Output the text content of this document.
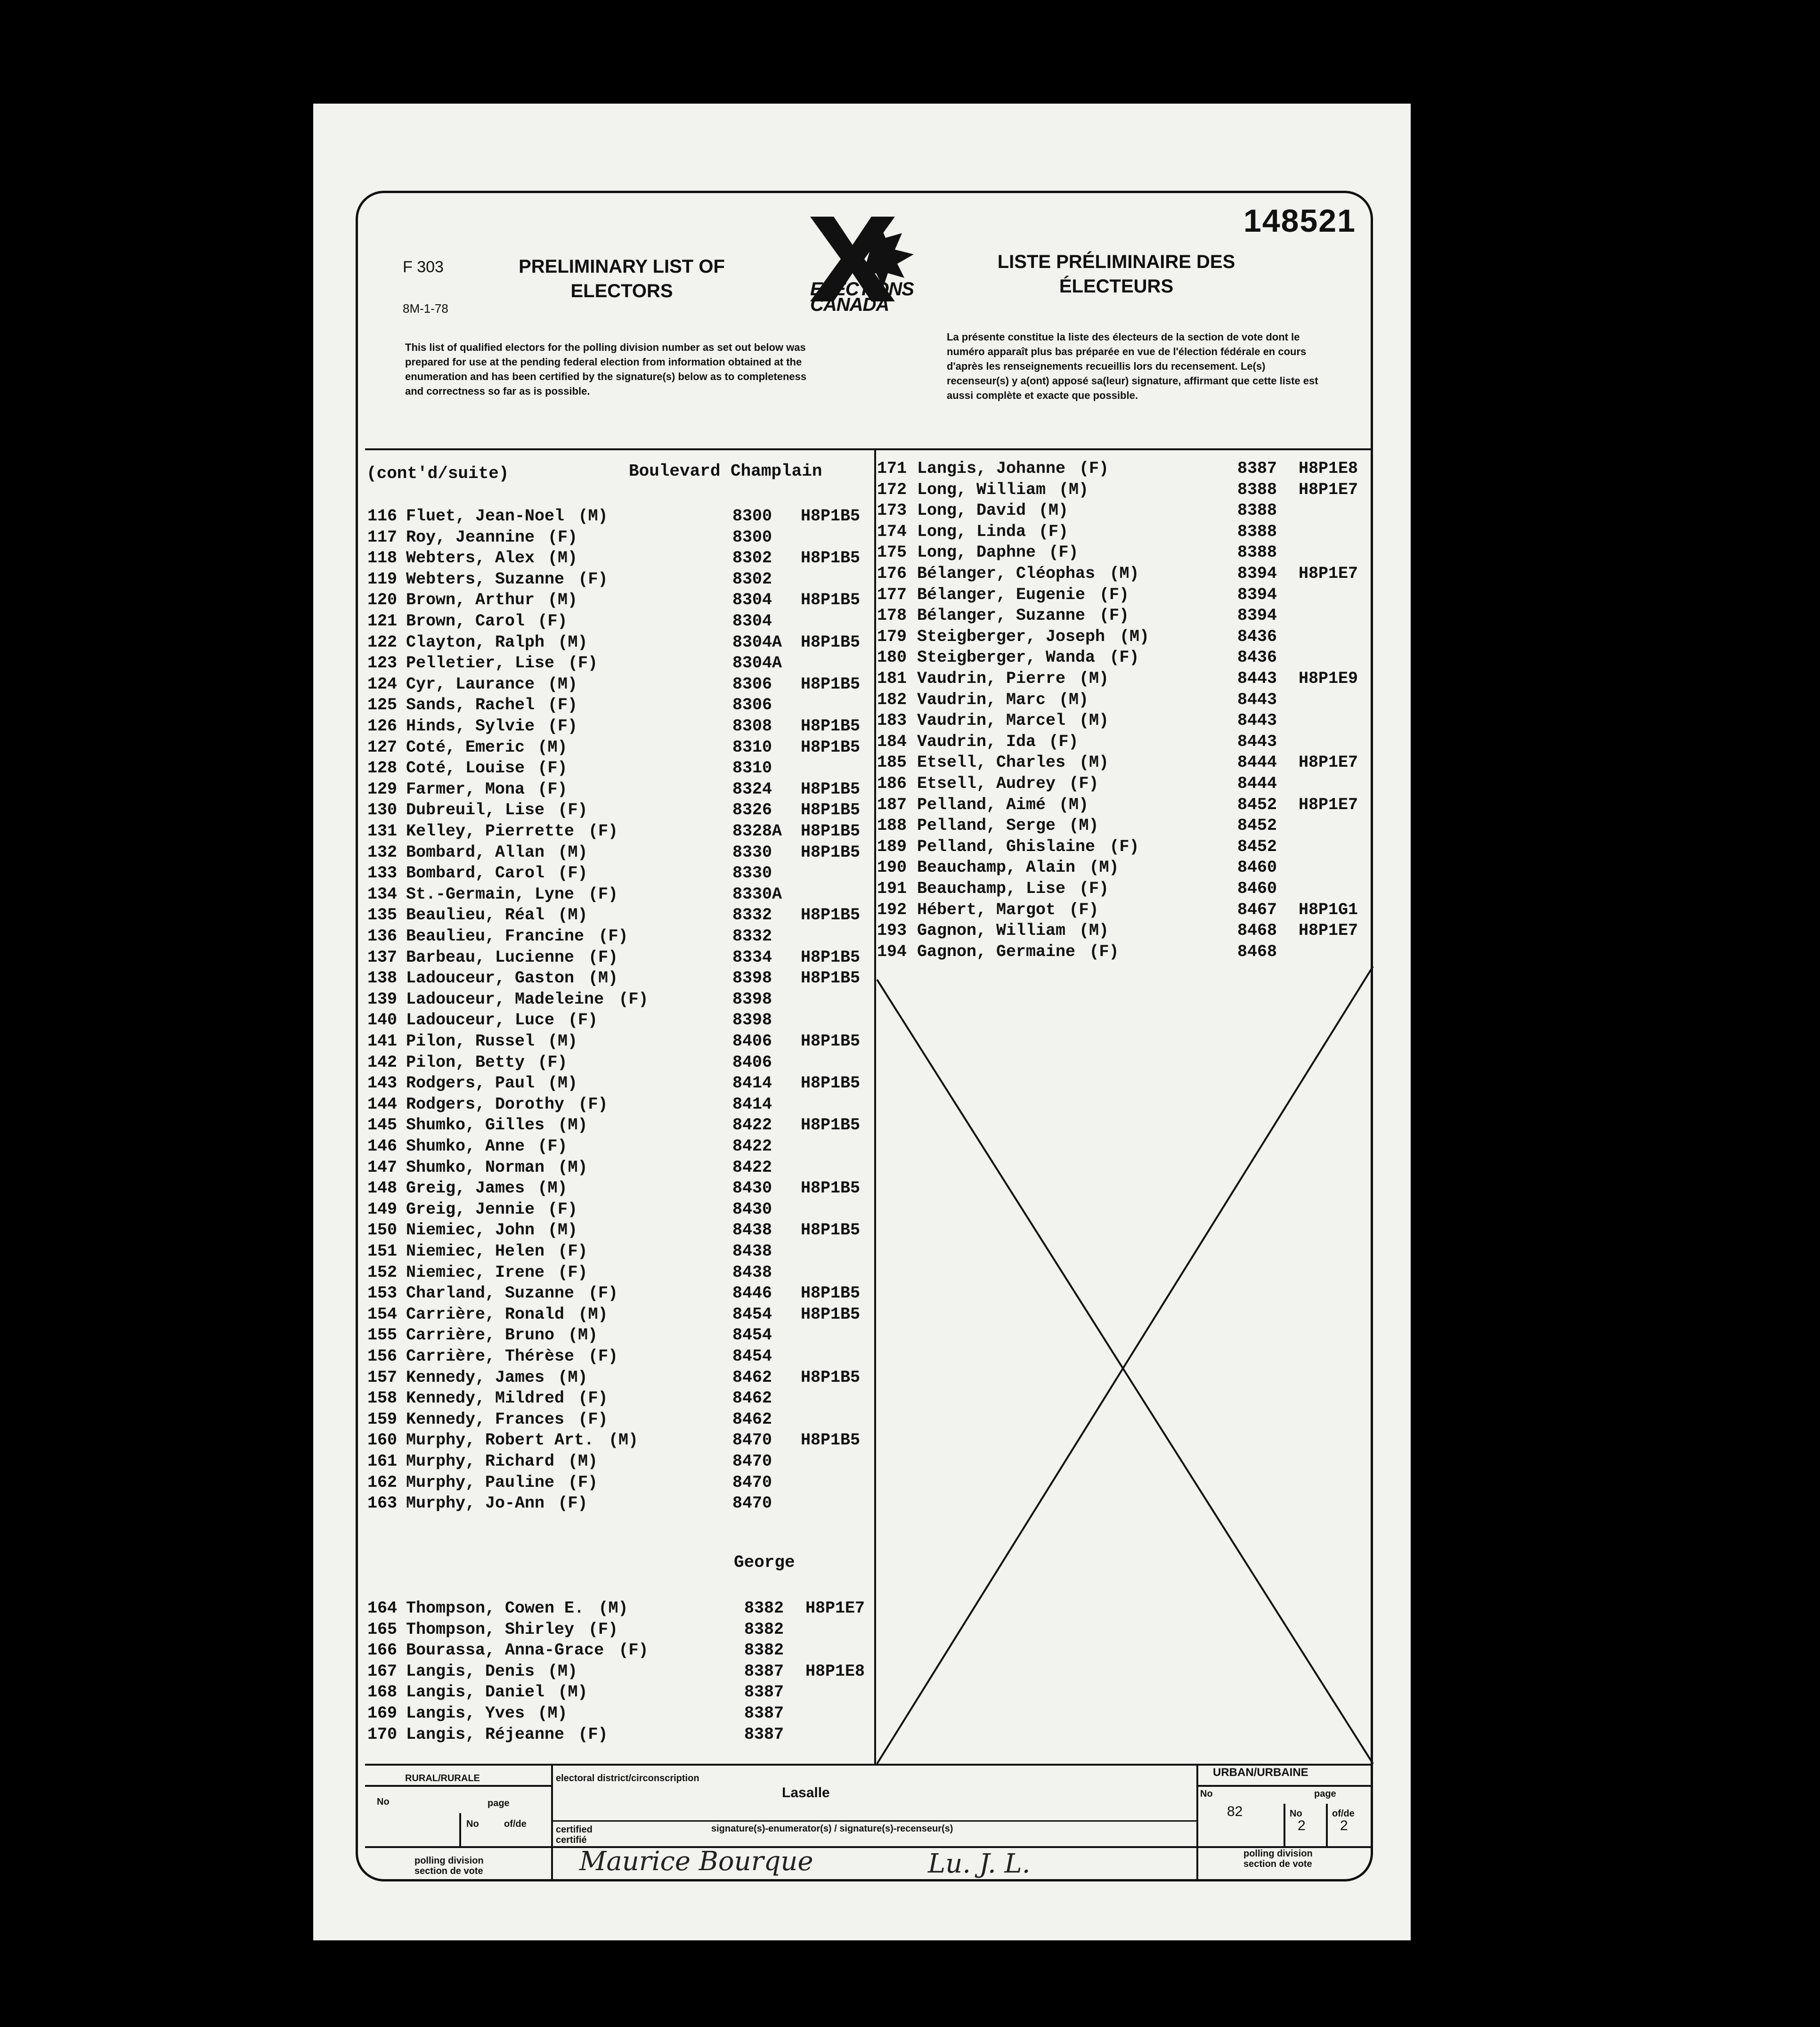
F 303
8M-1-78
PRELIMINARY LIST OF ELECTORS	ELECTIONS
CANADA
LISTE PRÉLIMINAIRE DES ÉLECTEURS
148521
This list of qualified electors for the polling division number as set out below was prepared for use at the pending federal election from information obtained at the enumeration and has been certified by the signature(s) below as to completeness and correctness so far as is possible.
La présente constitue la liste des électeurs de la section de vote dont le numéro apparaît plus bas préparée en vue de l'élection fédérale en cours d'après les renseignements recueillis lors du recensement. Le(s) recenseur(s) y a(ont) apposé sa(leur) signature, affirmant que cette liste est aussi complète et exacte que possible.
(cont'd/suite)	Boulevard Champlain
116 Fluet, Jean-Noel (M)	8300 H8P1B5
117 Roy, Jeannine (F)	8300
118 Webters, Alex (M)	8302 H8P1B5
119 Webters, Suzanne (F)	8302
120 Brown, Arthur (M)	8304 H8P1B5
121 Brown, Carol (F)	8304
122 Clayton, Ralph (M)	8304A H8P1B5
123 Pelletier, Lise (F)	8304A
124 Cyr, Laurance (M)	8306 H8P1B5
125 Sands, Rachel (F)	8306
126 Hinds, Sylvie (F)	8308 H8P1B5
127 Coté, Emeric (M)	8310 H8P1B5
128 Coté, Louise (F)	8310
129 Farmer, Mona (F)	8324 H8P1B5
130 Dubreuil, Lise (F)	8326 H8P1B5
131 Kelley, Pierrette (F)	8328A H8P1B5
132 Bombard, Allan (M)	8330 H8P1B5
133 Bombard, Carol (F)	8330
134 St.-Germain, Lyne (F)	8330A
135 Beaulieu, Réal (M)	8332 H8P1B5
136 Beaulieu, Francine (F)	8332
137 Barbeau, Lucienne (F)	8334 H8P1B5
138 Ladouceur, Gaston (M)	8398 H8P1B5
139 Ladouceur, Madeleine (F)	8398
140 Ladouceur, Luce (F)	8398
141 Pilon, Russel (M)	8406 H8P1B5
142 Pilon, Betty (F)	8406
143 Rodgers, Paul (M)	8414 H8P1B5
144 Rodgers, Dorothy (F)	8414
145 Shumko, Gilles (M)	8422 H8P1B5
146 Shumko, Anne (F)	8422
147 Shumko, Norman (M)	8422
148 Greig, James (M)	8430 H8P1B5
149 Greig, Jennie (F)	8430
150 Niemiec, John (M)	8438 H8P1B5
151 Niemiec, Helen (F)	8438
152 Niemiec, Irene (F)	8438
153 Charland, Suzanne (F)	8446 H8P1B5
154 Carrière, Ronald (M)	8454 H8P1B5
155 Carrière, Bruno (M)	8454
156 Carrière, Thérèse (F)	8454
157 Kennedy, James (M)	8462 H8P1B5
158 Kennedy, Mildred (F)	8462
159 Kennedy, Frances (F)	8462
160 Murphy, Robert Art. (M)	8470 H8P1B5
161 Murphy, Richard (M)	8470
162 Murphy, Pauline (F)	8470
163 Murphy, Jo-Ann (F)	8470
George
164 Thompson, Cowen E. (M)	8382 H8P1E7
165 Thompson, Shirley (F)	8382
166 Bourassa, Anna-Grace (F)	8382
167 Langis, Denis (M)	8387 H8P1E8
168 Langis, Daniel (M)	8387
169 Langis, Yves (M)	8387
170 Langis, Réjeanne (F)	8387
171 Langis, Johanne (F)	8387 H8P1E8
172 Long, William (M)	8388 H8P1E7
173 Long, David (M)	8388
174 Long, Linda (F)	8388
175 Long, Daphne (F)	8388
176 Bélanger, Cléophas (M)	8394 H8P1E7
177 Bélanger, Eugenie (F)	8394
178 Bélanger, Suzanne (F)	8394
179 Steigberger, Joseph (M)	8436
180 Steigberger, Wanda (F)	8436
181 Vaudrin, Pierre (M)	8443 H8P1E9
182 Vaudrin, Marc (M)	8443
183 Vaudrin, Marcel (M)	8443
184 Vaudrin, Ida (F)	8443
185 Etsell, Charles (M)	8444 H8P1E7
186 Etsell, Audrey (F)	8444
187 Pelland, Aimé (M)	8452 H8P1E7
188 Pelland, Serge (M)	8452
189 Pelland, Ghislaine (F)	8452
190 Beauchamp, Alain (M)	8460
191 Beauchamp, Lise (F)	8460
192 Hébert, Margot (F)	8467 H8P1G1
193 Gagnon, William (M)	8468 H8P1E7
194 Gagnon, Germaine (F)	8468
RURAL/RURALE
No	page
No	of/de
polling division section de vote
electoral district/circonscription
Lasalle
certified certifié
signature(s)-enumerator(s) / signature(s)-recenseur(s)
Maurice Bourque	Lu. J. L.
URBAN/URBAINE
No
82
page
No
2
of/de
2
polling division section de vote
